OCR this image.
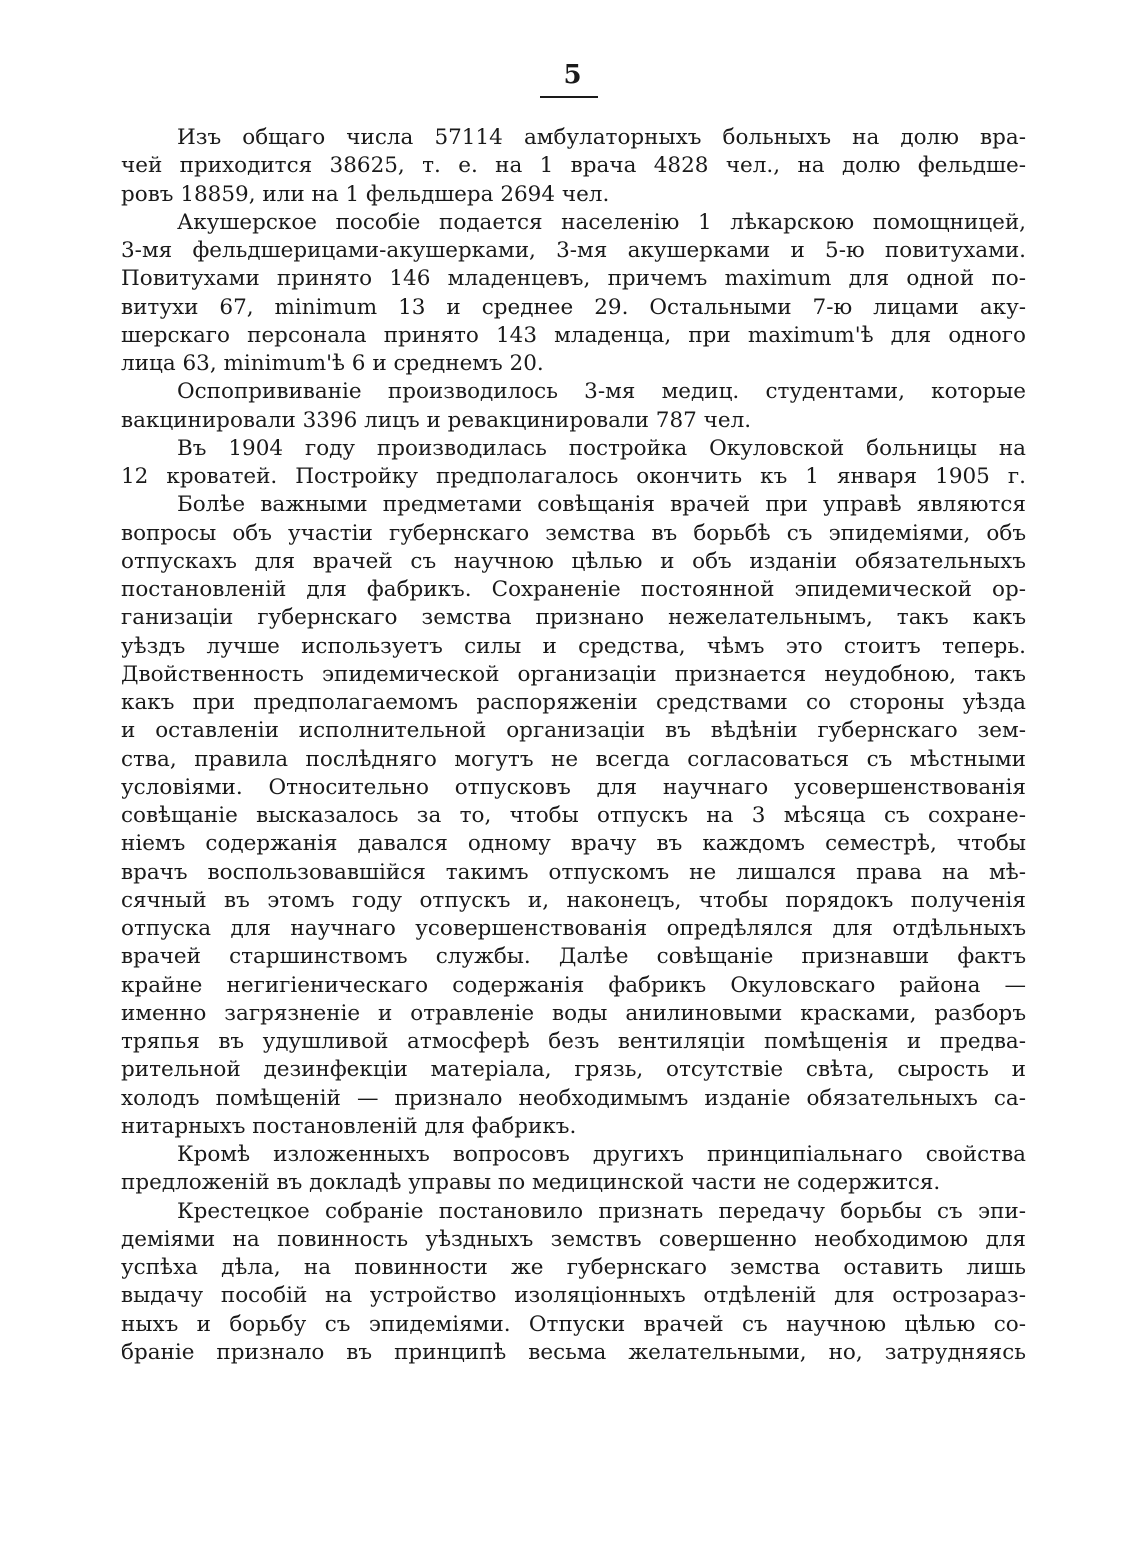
5
Изъ общаго числа 57114 амбулаторныхъ больныхъ на долю вра-
чей приходится 38625, т. е. на 1 врача 4828 чел., на долю фельдше-
ровъ 18859, или на 1 фельдшера 2694 чел.
Акушерское пособіе подается населенію 1 лѣкарскою помощницей,
3-мя фельдшерицами-акушерками, 3-мя акушерками и 5-ю повитухами.
Повитухами принято 146 младенцевъ, причемъ maximum для одной по-
витухи 67, minimum 13 и среднее 29. Остальными 7-ю лицами аку-
шерскаго персонала принято 143 младенца, при maximum'ѣ для одного
лица 63, minimum'ѣ 6 и среднемъ 20.
Оспопрививаніе производилось 3-мя медиц. студентами, которые
вакцинировали 3396 лицъ и ревакцинировали 787 чел.
Въ 1904 году производилась постройка Окуловской больницы на
12 кроватей. Постройку предполагалось окончить къ 1 января 1905 г.
Болѣе важными предметами совѣщанія врачей при управѣ являются
вопросы объ участіи губернскаго земства въ борьбѣ съ эпидеміями, объ
отпускахъ для врачей съ научною цѣлью и объ изданіи обязательныхъ
постановленій для фабрикъ. Сохраненіе постоянной эпидемической ор-
ганизаціи губернскаго земства признано нежелательнымъ, такъ какъ
уѣздъ лучше используетъ силы и средства, чѣмъ это стоитъ теперь.
Двойственность эпидемической организаціи признается неудобною, такъ
какъ при предполагаемомъ распоряженіи средствами со стороны уѣзда
и оставленіи исполнительной организаціи въ вѣдѣніи губернскаго зем-
ства, правила послѣдняго могутъ не всегда согласоваться съ мѣстными
условіями. Относительно отпусковъ для научнаго усовершенствованія
совѣщаніе высказалось за то, чтобы отпускъ на 3 мѣсяца съ сохране-
ніемъ содержанія давался одному врачу въ каждомъ семестрѣ, чтобы
врачъ воспользовавшійся такимъ отпускомъ не лишался права на мѣ-
сячный въ этомъ году отпускъ и, наконецъ, чтобы порядокъ полученія
отпуска для научнаго усовершенствованія опредѣлялся для отдѣльныхъ
врачей старшинствомъ службы. Далѣе совѣщаніе признавши фактъ
крайне негигіеническаго содержанія фабрикъ Окуловскаго района —
именно загрязненіе и отравленіе воды анилиновыми красками, разборъ
тряпья въ удушливой атмосферѣ безъ вентиляціи помѣщенія и предва-
рительной дезинфекціи матеріала, грязь, отсутствіе свѣта, сырость и
холодъ помѣщеній — признало необходимымъ изданіе обязательныхъ са-
нитарныхъ постановленій для фабрикъ.
Кромѣ изложенныхъ вопросовъ другихъ принципіальнаго свойства
предложеній въ докладѣ управы по медицинской части не содержится.
Крестецкое собраніе постановило признать передачу борьбы съ эпи-
деміями на повинность уѣздныхъ земствъ совершенно необходимою для
успѣха дѣла, на повинности же губернскаго земства оставить лишь
выдачу пособій на устройство изоляціонныхъ отдѣленій для острозараз-
ныхъ и борьбу съ эпидеміями. Отпуски врачей съ научною цѣлью со-
браніе признало въ принципѣ весьма желательными, но, затрудняясь
